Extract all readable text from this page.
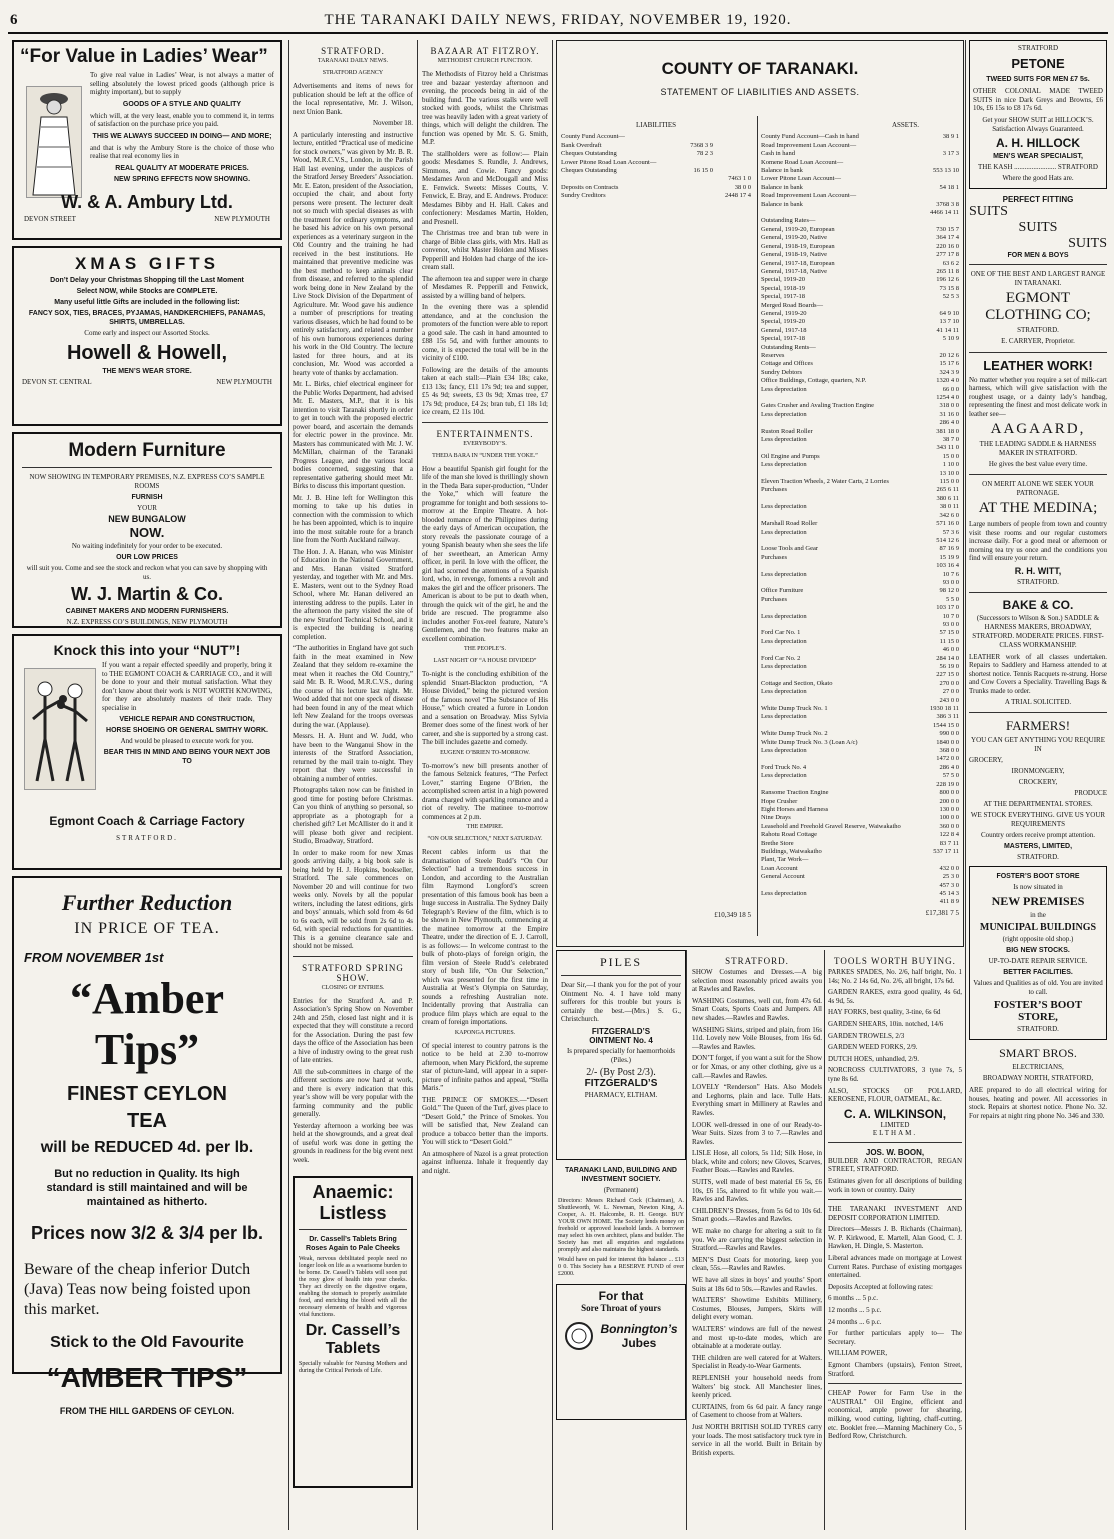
6	THE TARANAKI DAILY NEWS, FRIDAY, NOVEMBER 19, 1920.
“For Value in Ladies’ Wear”

To give real value in Ladies’ Wear, is not always a matter of selling absolutely the lowest priced goods (although price is mighty important), but to supply

GOODS OF A STYLE AND QUALITY

which will, at the very least, enable you to commend it, in terms of satisfaction on the purchase price you paid.

THIS WE ALWAYS SUCCEED IN DOING— AND MORE;

and that is why the Ambury Store is the choice of those who realise that real economy lies in

REAL QUALITY AT MODERATE PRICES.

NEW SPRING EFFECTS NOW SHOWING.

W. & A. Ambury Ltd.
DEVON STREET	NEW PLYMOUTH
XMAS GIFTS

Don’t Delay your Christmas Shopping till the Last Moment

Select NOW, while Stocks are COMPLETE.

Many useful little Gifts are included in the following list:

FANCY SOX, TIES, BRACES, PYJAMAS, HANDKERCHIEFS, PANAMAS, SHIRTS, UMBRELLAS.

Come early and inspect our Assorted Stocks.

Howell & Howell,

THE MEN’S WEAR STORE.

DEVON ST. CENTRAL	NEW PLYMOUTH
Modern Furniture

NOW SHOWING IN TEMPORARY PREMISES, N.Z. EXPRESS CO’S SAMPLE ROOMS

FURNISH

YOUR

NEW BUNGALOW

NOW.

No waiting indefinitely for your order to be executed.

OUR LOW PRICES

will suit you. Come and see the stock and reckon what you can save by shopping with us.

W. J. Martin & Co.

CABINET MAKERS AND MODERN FURNISHERS.

N.Z. EXPRESS CO’S BUILDINGS, NEW PLYMOUTH

Knock this into your “NUT”!

If you want a repair effected speedily and properly, bring it to THE EGMONT COACH & CARRIAGE CO., and it will be done to your and their mutual satisfaction. What they don’t know about their work is NOT WORTH KNOWING, for they are absolutely masters of their trade. They specialise in

VEHICLE REPAIR AND CONSTRUCTION,

HORSE SHOEING OR GENERAL SMITHY WORK.

And would be pleased to execute work for you.

BEAR THIS IN MIND AND BEING YOUR NEXT JOB TO

Egmont Coach & Carriage Factory
STRATFORD.
Further Reduction
IN PRICE OF TEA.
FROM NOVEMBER 1st
“Amber Tips”
FINEST CEYLON
TEA
will be REDUCED 4d. per lb.
But no reduction in Quality. Its high standard is still maintained and will be maintained as hitherto.
Prices now 3/2 & 3/4 per lb.
Beware of the cheap inferior Dutch (Java) Teas now being foisted upon this market.
Stick to the Old Favourite
“AMBER TIPS”
FROM THE HILL GARDENS OF CEYLON.
STRATFORD.
TARANAKI DAILY NEWS.
STRATFORD AGENCY

Advertisements and items of news for publication should be left at the office of the local representative, Mr. J. Wilson, next Union Bank.

November 18.

A particularly interesting and instructive lecture, entitled “Practical use of medicine for stock owners,” was given by Mr. B. R. Wood, M.R.C.V.S., London, in the Parish Hall last evening, under the auspices of the Stratford Jersey Breeders’ Association. Mr. E. Eaton, president of the Association, occupied the chair, and about forty persons were present. The lecturer dealt not so much with special diseases as with the treatment for ordinary symptoms, and he based his advice on his own personal experiences as a veterinary surgeon in the Old Country and the training he had received in the best institutions. He maintained that preventive medicine was the best method to keep animals clear from disease, and referred to the splendid work being done in New Zealand by the Live Stock Division of the Department of Agriculture. Mr. Wood gave his audience a number of prescriptions for treating various diseases, which he had found to be entirely satisfactory, and related a number of his own humorous experiences during his work in the Old Country. The lecture lasted for three hours, and at its conclusion, Mr. Wood was accorded a hearty vote of thanks by acclamation.

Mr. L. Birks, chief electrical engineer for the Public Works Department, had advised Mr. E. Masters, M.P., that it is his intention to visit Taranaki shortly in order to get in touch with the proposed electric power board, and ascertain the demands for electric power in the province. Mr. Masters has communicated with Mr. J. W. McMillan, chairman of the Taranaki Progress League, and the various local bodies concerned, suggesting that a representative gathering should meet Mr. Birks to discuss this important question.

Mr. J. B. Hine left for Wellington this morning to take up his duties in connection with the commission to which he has been appointed, which is to inquire into the most suitable route for a branch line from the North Auckland railway.

The Hon. J. A. Hanan, who was Minister of Education in the National Government, and Mrs. Hanan visited Stratford yesterday, and together with Mr. and Mrs. E. Masters, went out to the Sydney Road School, where Mr. Hanan delivered an interesting address to the pupils. Later in the afternoon the party visited the site of the new Stratford Technical School, and it is expected the building is nearing completion.

“The authorities in England have got such faith in the meat examined in New Zealand that they seldom re-examine the meat when it reaches the Old Country,” said Mr. B. R. Wood, M.R.C.V.S., during the course of his lecture last night. Mr. Wood added that not one speck of disease had been found in any of the meat which left New Zealand for the troops overseas during the war. (Applause).

Messrs. H. A. Hunt and W. Judd, who have been to the Wanganui Show in the interests of the Stratford Association, returned by the mail train to-night. They report that they were successful in obtaining a number of entries.

Photographs taken now can be finished in good time for posting before Christmas. Can you think of anything so personal, so appropriate as a photograph for a cherished gift? Let McAllister do it and it will please both giver and recipient. Studio, Broadway, Stratford.

In order to make room for new Xmas goods arriving daily, a big book sale is being held by H. J. Hopkins, bookseller, Stratford. The sale commences on November 20 and will continue for two weeks only. Novels by all the popular writers, including the latest editions, girls and boys’ annuals, which sold from 4s 6d to 6s each, will be sold from 2s 6d to 4s 6d, with special reductions for quantities. This is a genuine clearance sale and should not be missed.

STRATFORD SPRING SHOW.
CLOSING OF ENTRIES.

Entries for the Stratford A. and P. Association’s Spring Show on November 24th and 25th, closed last night and it is expected that they will constitute a record for the Association. During the past few days the office of the Association has been a hive of industry owing to the great rush of late entries.

All the sub-committees in charge of the different sections are now hard at work, and there is every indication that this year’s show will be very popular with the farming community and the public generally.

Yesterday afternoon a working bee was held at the showgrounds, and a great deal of useful work was done in getting the grounds in readiness for the big event next week.

Anaemic:
Listless

Dr. Cassell’s Tablets Bring Roses Again to Pale Cheeks

Weak, nervous debilitated people need no longer look on life as a wearisome burden to be borne. Dr. Cassell’s Tablets will soon put the rosy glow of health into your cheeks. They act directly on the digestive organs, enabling the stomach to properly assimilate food, and enriching the blood with all the necessary elements of health and vigorous vital functions.

Dr. Cassell’s
Tablets

Specially valuable for Nursing Mothers and during the Critical Periods of Life.

BAZAAR AT FITZROY.
METHODIST CHURCH FUNCTION.

The Methodists of Fitzroy held a Christmas tree and bazaar yesterday afternoon and evening, the proceeds being in aid of the building fund. The various stalls were well stocked with goods, whilst the Christmas tree was heavily laden with a great variety of things, which will delight the children. The function was opened by Mr. S. G. Smith, M.P.

The stallholders were as follow:— Plain goods: Mesdames S. Rundle, J. Andrews, Simmons, and Cowie. Fancy goods: Mesdames Avon and McDougall and Miss E. Fenwick. Sweets: Misses Coutts, V. Fenwick, E. Bray, and E. Andrews. Produce: Mesdames Bibby and H. Hall. Cakes and confectionery: Mesdames Martin, Holden, and Presnell.

The Christmas tree and bran tub were in charge of Bible class girls, with Mrs. Hall as convenor, whilst Master Holden and Misses Pepperill and Holden had charge of the ice-cream stall.

The afternoon tea and supper were in charge of Mesdames R. Pepperill and Fenwick, assisted by a willing band of helpers.

In the evening there was a splendid attendance, and at the conclusion the promoters of the function were able to report a good sale. The cash in hand amounted to £88 15s 5d, and with further amounts to come, it is expected the total will be in the vicinity of £100.

Following are the details of the amounts taken at each stall:—Plain £34 18s; cake, £13 13s; fancy, £11 17s 9d; tea and supper, £5 4s 9d; sweets, £3 0s 9d; Xmas tree, £7 17s 9d; produce, £4 2s; bran tub, £1 18s 1d; ice cream, £2 11s 10d.

ENTERTAINMENTS.
EVERYBODY’S.
THEDA BARA IN “UNDER THE YOKE.”

How a beautiful Spanish girl fought for the life of the man she loved is thrillingly shown in the Theda Bara super-production, “Under the Yoke,” which will feature the programme for tonight and both sessions to-morrow at the Empire Theatre. A hot-blooded romance of the Philippines during the early days of American occupation, the story reveals the passionate courage of a young Spanish beauty when she sees the life of her sweetheart, an American Army officer, in peril. In love with the officer, the girl had scorned the attentions of a Spanish lord, who, in revenge, foments a revolt and makes the girl and the officer prisoners. The American is about to be put to death when, through the quick wit of the girl, he and the bride are rescued. The programme also includes another Fox-reel feature, Nature’s Gentlemen, and the two features make an excellent combination.

THE PEOPLE’S.
LAST NIGHT OF “A HOUSE DIVIDED”

To-night is the concluding exhibition of the splendid Stuart-Blackton production, “A House Divided,” being the pictured version of the famous novel “The Substance of His House,” which created a furore in London and a sensation on Broadway. Miss Sylvia Bremer does some of the finest work of her career, and she is supported by a strong cast. The bill includes gazette and comedy.

EUGENE O’BRIEN TO-MORROW.

To-morrow’s new bill presents another of the famous Selznick features, “The Perfect Lover,” starring Eugene O’Brien, the accomplished screen artist in a high powered drama charged with sparkling romance and a riot of revelry. The matinee to-morrow commences at 2 p.m.

THE EMPIRE.
“ON OUR SELECTION,” NEXT SATURDAY.

Recent cables inform us that the dramatisation of Steele Rudd’s “On Our Selection” had a tremendous success in London, and according to the Australian film Raymond Longford’s screen presentation of this famous book has been a huge success in Australia. The Sydney Daily Telegraph’s Review of the film, which is to be shown in New Plymouth, commencing at the matinee tomorrow at the Empire Theatre, under the direction of E. J. Carroll, is as follows:— In welcome contrast to the bulk of photo-plays of foreign origin, the film version of Steele Rudd’s celebrated story of bush life, “On Our Selection,” which was presented for the first time in Australia at West’s Olympia on Saturday, sounds a refreshing Australian note. Incidentally proving that Australia can produce film plays which are equal to the cream of foreign importations.

KAPONGA PICTURES.

Of special interest to country patrons is the notice to be held at 2.30 to-morrow afternoon, when Mary Pickford, the supreme star of picture-land, will appear in a super-picture of infinite pathos and appeal, “Stella Maris.”

THE PRINCE OF SMOKES.—“Desert Gold.” The Queen of the Turf, gives place to “Desert Gold,” the Prince of Smokes. You will be satisfied that, New Zealand can produce a tobacco better than the imports. You will stick to “Desert Gold.”

An atmosphere of Nazol is a great protection against influenza. Inhale it frequently day and night.

COUNTY OF TARANAKI.
STATEMENT OF LIABILITIES AND ASSETS.
LIABILITIES
County Fund Account—
Bank Overdraft	7368 3 9
Cheques Outstanding	78 2 3
Lower Pitone Road Loan Account—
Cheques Outstanding	16 15 0
7463 1 0
Deposits on Contracts	38 0 0
Sundry Creditors	2448 17 4
£10,349 18 5
ASSETS.
County Fund Account—Cash in hand	38 9 1
Road Improvement Loan Account—
Cash in hand	3 17 3
Komene Road Loan Account—
Balance in bank	553 13 10
Lower Pitone Loan Account—
Balance in bank	54 18 1
Road Improvement Loan Account—
Balance in bank	3768 3 8
4466 14 11
Outstanding Rates—
General, 1919-20, European	730 15 7
General, 1919-20, Native	364 17 4
General, 1918-19, European	220 16 0
General, 1918-19, Native	277 17 8
General, 1917-18, European	63 6 2
General, 1917-18, Native	265 11 8
Special, 1919-20	196 12 6
Special, 1918-19	73 15 8
Special, 1917-18	52 5 3
Merged Road Boards—
General, 1919-20	64 9 10
Special, 1919-20	13 7 10
General, 1917-18	41 14 11
Special, 1917-18	5 10 9
Outstanding Rents—
Reserves	20 12 6
Cottage and Offices	15 17 6
Sundry Debtors	324 3 9
Office Buildings, Cottage, quarters, N.P.	1320 4 0
Less depreciation	66 0 0
1254 4 0
Gates Crusher and Avaling Traction Engine	318 0 0
Less depreciation	31 16 0
286 4 0
Ruston Road Roller	381 18 0
Less depreciation	38 7 0
343 11 0
Oil Engine and Pumps	15 0 0
Less depreciation	1 10 0
13 10 0
Eleven Traction Wheels, 2 Water Carts, 2 Lorries	115 0 0
Purchases	265 6 11
380 6 11
Less depreciation	38 0 11
342 6 0
Marshall Road Roller	571 16 0
Less depreciation	57 3 6
514 12 6
Loose Tools and Gear	87 16 9
Purchases	15 19 9
103 16 4
Less depreciation	10 7 6
93 0 0
Office Furniture	98 12 0
Purchases	5 5 0
103 17 0
Less depreciation	10 7 0
93 0 0
Ford Car No. 1	57 15 0
Less depreciation	11 15 0
46 0 0
Ford Car No. 2	284 14 0
Less depreciation	56 19 0
227 15 0
Cottage and Section, Okato	270 0 0
Less depreciation	27 0 0
243 0 0
White Dump Truck No. 1	1930 18 11
Less depreciation	386 3 11
1544 15 0
White Dump Truck No. 2	990 0 0
White Dump Truck No. 3 (Loan A/c)	1840 0 0
Less depreciation	368 0 0
1472 0 0
Ford Truck No. 4	286 4 0
Less depreciation	57 5 0
228 19 0
Ransome Traction Engine	800 0 0
Hope Crusher	200 0 0
Eight Horses and Harness	130 0 0
Nine Drays	100 0 0
Leasehold and Freehold Gravel Reserve, Waiwakaiho	360 0 0
Rahotu Road Cottage	122 8 4
Brethe Store	83 7 11
Buildings, Waiwakaiho	537 17 11
Plant, Tar Work—
Loan Account	432 0 0
General Account	25 3 0
457 3 0
Less depreciation	45 14 3
411 8 9
£17,381 7 5
PILES

Dear Sir,—I thank you for the pot of your Ointment No. 4. I have told many sufferers for this trouble but yours is certainly the best.—(Mrs.) S. G., Christchurch.

FITZGERALD’S
OINTMENT No. 4

Is prepared specially for haemorrhoids (Piles.)

2/- (By Post 2/3).
FITZGERALD’S

PHARMACY, ELTHAM.

TARANAKI LAND, BUILDING AND INVESTMENT SOCIETY.

(Permanent)

Directors: Messrs Richard Cock (Chairman), A. Shuttleworth, W. L. Newman, Newton King, A. Cooper, A. H. Halcombe, R. H. George. BUY YOUR OWN HOME. The Society lends money on freehold or approved leasehold lands. A borrower may select his own architect, plans and builder. The Society has met all enquiries and regulations promptly and also maintains the highest standards.

Would have on paid for interest this balance ... £13 0 0. This Society has a RESERVE FUND of over £2000.

For that
Sore Throat of yours
Bonnington’s
Jubes
STRATFORD.

SHOW Costumes and Dresses.—A big selection most reasonably priced awaits you at Rawles and Rawles.

WASHING Costumes, well cut, from 47s 6d. Smart Coats, Sports Coats and Jumpers. All new shades.—Rawles and Rawles.

WASHING Skirts, striped and plain, from 16s 11d. Lovely new Voile Blouses, from 16s 6d.—Rawles and Rawles.

DON’T forget, if you want a suit for the Show or for Xmas, or any other clothing, give us a call.—Rawles and Rawles.

LOVELY “Renderson” Hats. Also Models and Leghorns, plain and lace. Tulle Hats. Everything smart in Millinery at Rawles and Rawles.

LOOK well-dressed in one of our Ready-to-Wear Suits. Sizes from 3 to 7.—Rawles and Rawles.

LISLE Hose, all colors, 5s 11d; Silk Hose, in black, white and colors; new Gloves, Scarves, Feather Boas.—Rawles and Rawles.

SUITS, well made of best material £6 5s, £6 10s, £6 15s, altered to fit while you wait.—Rawles and Rawles.

CHILDREN’S Dresses, from 5s 6d to 10s 6d. Smart goods.—Rawles and Rawles.

WE make no charge for altering a suit to fit you. We are carrying the biggest selection in Stratford.—Rawles and Rawles.

MEN’S Dust Coats for motoring, keep you clean, 55s.—Rawles and Rawles.

WE have all sizes in boys’ and youths’ Sport Suits at 18s 6d to 50s.—Rawles and Rawles.

WALTERS’ Showtime Exhibits Millinery, Costumes, Blouses, Jumpers, Skirts will delight every woman.

WALTERS’ windows are full of the newest and most up-to-date modes, which are obtainable at a moderate outlay.

THE children are well catered for at Walters. Specialist in Ready-to-Wear Garments.

REPLENISH your household needs from Walters’ big stock. All Manchester lines, keenly priced.

CURTAINS, from 6s 6d pair. A fancy range of Casement to choose from at Walters.

Just NORTH BRITISH SOLID TYRES carry your loads. The most satisfactory truck tyre in service in all the world. Built in Britain by British experts.

TOOLS WORTH BUYING.

PARKES SPADES, No. 2/6, half bright, No. 1 14s; No. 2 14s 6d, No. 2/6, all bright, 17s 6d.

GARDEN RAKES, extra good quality, 4s 6d, 4s 9d, 5s.

HAY FORKS, best quality, 3-tine, 6s 6d

GARDEN SHEARS, 10in. notched, 14/6

GARDEN TROWELS, 2/3

GARDEN WEED FORKS, 2/9.

DUTCH HOES, unhandled, 2/9.

NORCROSS CULTIVATORS, 3 tyne 7s, 5 tyne 8s 6d.

ALSO, STOCKS OF POLLARD, KEROSENE, FLOUR, OATMEAL, &c.

C. A. WILKINSON,
LIMITED
ELTHAM.
JOS. W. BOON,

BUILDER AND CONTRACTOR, REGAN STREET, STRATFORD.

Estimates given for all descriptions of building work in town or country. Dairy

THE TARANAKI INVESTMENT AND DEPOSIT CORPORATION LIMITED.

Directors—Messrs J. B. Richards (Chairman), W. P. Kirkwood, E. Martell, Alan Good, C. J. Hawken, H. Dingle, S. Masterton.

Liberal advances made on mortgage at Lowest Current Rates. Purchase of existing mortgages entertained.

Deposits Accepted at following rates:

6 months ... 5 p.c.

12 months ... 5 p.c.

24 months ... 6 p.c.

For further particulars apply to— The Secretary.

WILLIAM POWER,

Egmont Chambers (upstairs), Fenton Street, Stratford.

CHEAP Power for Farm Use in the “AUSTRAL” Oil Engine, efficient and economical, ample power for shearing, milking, wood cutting, lighting, chaff-cutting, etc. Booklet free.—Manning Machinery Co., 5 Bedford Row, Christchurch.

STRATFORD
PETONE

TWEED SUITS FOR MEN £7 5s.

OTHER COLONIAL MADE TWEED SUITS in nice Dark Greys and Browns, £6 10s, £6 15s to £8 17s 6d.

Get your SHOW SUIT at HILLOCK’S. Satisfaction Always Guaranteed.

A. H. HILLOCK

MEN’S WEAR SPECIALIST,

THE KASH ........................ STRATFORD

Where the good Hats are.

PERFECT FITTING
SUITS
SUITS
SUITS
FOR MEN & BOYS

ONE OF THE BEST AND LARGEST RANGE IN TARANAKI.

EGMONT CLOTHING CO;

STRATFORD.

E. CARRYER, Proprietor.

LEATHER WORK!

No matter whether you require a set of milk-cart harness, which will give satisfaction with the roughest usage, or a dainty lady’s handbag, representing the finest and most delicate work in leather see—

AAGAARD,

THE LEADING SADDLE & HARNESS MAKER IN STRATFORD.

He gives the best value every time.

ON MERIT ALONE WE SEEK YOUR PATRONAGE.

AT THE MEDINA;

Large numbers of people from town and country visit these rooms and our regular customers increase daily. For a good meal or afternoon or morning tea try us once and the conditions you find will ensure your return.

R. H. WITT,

STRATFORD.

BAKE & CO.

(Successors to Wilson & Son.) SADDLE & HARNESS MAKERS, BROADWAY, STRATFORD. MODERATE PRICES. FIRST-CLASS WORKMANSHIP.

LEATHER work of all classes undertaken. Repairs to Saddlery and Harness attended to at shortest notice. Tennis Racquets re-strung. Horse and Cow Covers a Speciality. Travelling Bags & Trunks made to order.

A TRIAL SOLICITED.

FARMERS!

YOU CAN GET ANYTHING YOU REQUIRE IN

GROCERY,

IRONMONGERY,

CROCKERY,

PRODUCE

AT THE DEPARTMENTAL STORES.

WE STOCK EVERYTHING. GIVE US YOUR REQUIREMENTS

Country orders receive prompt attention.

MASTERS, LIMITED,

STRATFORD.

FOSTER’S BOOT STORE

Is now situated in

NEW PREMISES

in the

MUNICIPAL BUILDINGS

(right opposite old shop.)

BIG NEW STOCKS.

UP-TO-DATE REPAIR SERVICE.

BETTER FACILITIES.

Values and Qualities as of old. You are invited to call.

FOSTER’S BOOT STORE,

STRATFORD.

SMART BROS.

ELECTRICIANS,

BROADWAY NORTH, STRATFORD,

ARE prepared to do all electrical wiring for houses, heating and power. All accessories in stock. Repairs at shortest notice. Phone No. 32. For repairs at night ring phone No. 346 and 330.
